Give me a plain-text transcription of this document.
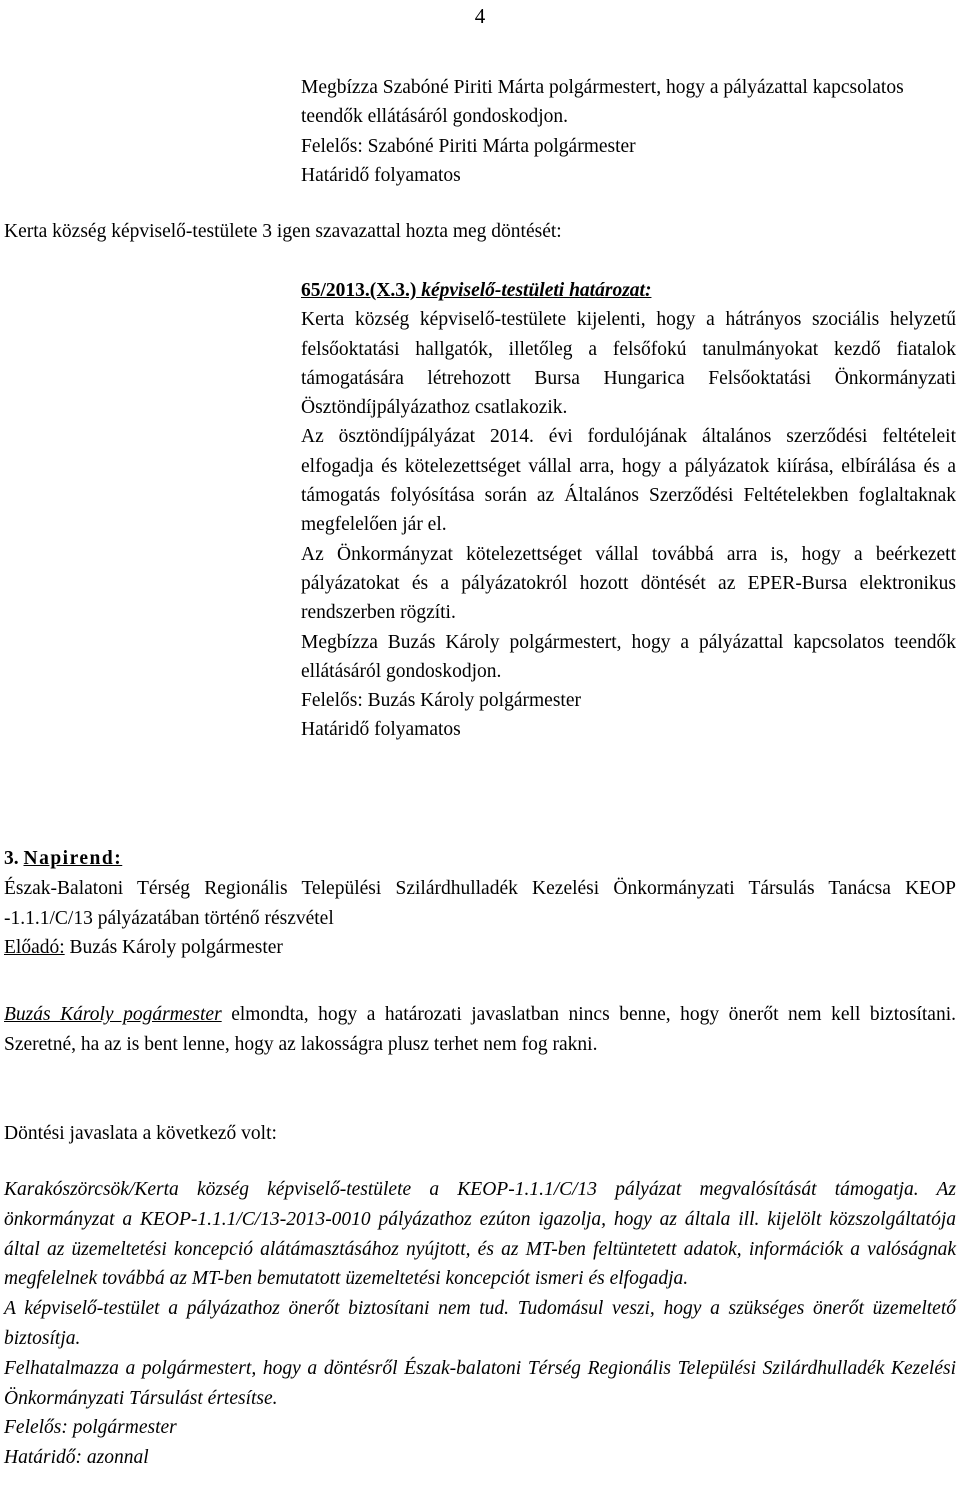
4

Megbízza Szabóné Piriti Márta polgármestert, hogy a pályázattal kapcsolatos teendők ellátásáról gondoskodjon.

Felelős: Szabóné Piriti Márta polgármester

Határidő folyamatos

Kerta község képviselő-testülete 3 igen szavazattal hozta meg döntését:

65/2013.(X.3.) képviselő-testületi határozat:

Kerta község képviselő-testülete kijelenti, hogy a hátrányos szociális helyzetű felsőoktatási hallgatók, illetőleg a felsőfokú tanulmányokat kezdő fiatalok támogatására létrehozott Bursa Hungarica Felsőoktatási Önkormányzati Ösztöndíjpályázathoz csatlakozik.

Az ösztöndíjpályázat 2014. évi fordulójának általános szerződési feltételeit elfogadja és kötelezettséget vállal arra, hogy a pályázatok kiírása, elbírálása és a támogatás folyósítása során az Általános Szerződési Feltételekben foglaltaknak megfelelően jár el.

Az Önkormányzat kötelezettséget vállal továbbá arra is, hogy a beérkezett pályázatokat és a pályázatokról hozott döntését az EPER-Bursa elektronikus rendszerben rögzíti.

Megbízza Buzás Károly polgármestert, hogy a pályázattal kapcsolatos teendők ellátásáról gondoskodjon.

Felelős: Buzás Károly polgármester

Határidő folyamatos

3. Napirend:

Észak-Balatoni Térség Regionális Települési Szilárdhulladék Kezelési Önkormányzati Társulás Tanácsa KEOP -1.1.1/C/13 pályázatában történő részvétel

Előadó: Buzás Károly polgármester

Buzás Károly pogármester elmondta, hogy a határozati javaslatban nincs benne, hogy önerőt nem kell biztosítani. Szeretné, ha az is bent lenne, hogy az lakosságra plusz terhet nem fog rakni.

Döntési javaslata a következő volt:

Karakószörcsök/Kerta község képviselő-testülete a KEOP-1.1.1/C/13 pályázat megvalósítását támogatja. Az önkormányzat a KEOP-1.1.1/C/13-2013-0010 pályázathoz ezúton igazolja, hogy az általa ill. kijelölt közszolgáltatója által az üzemeltetési koncepció alátámasztásához nyújtott, és az MT-ben feltüntetett adatok, információk a valóságnak megfelelnek továbbá az MT-ben bemutatott üzemeltetési koncepciót ismeri és elfogadja.

A képviselő-testület a pályázathoz önerőt biztosítani nem tud. Tudomásul veszi, hogy a szükséges önerőt üzemeltető biztosítja.

Felhatalmazza a polgármestert, hogy a döntésről Észak-balatoni Térség Regionális Települési Szilárdhulladék Kezelési Önkormányzati Társulást értesítse.

Felelős: polgármester

Határidő: azonnal
